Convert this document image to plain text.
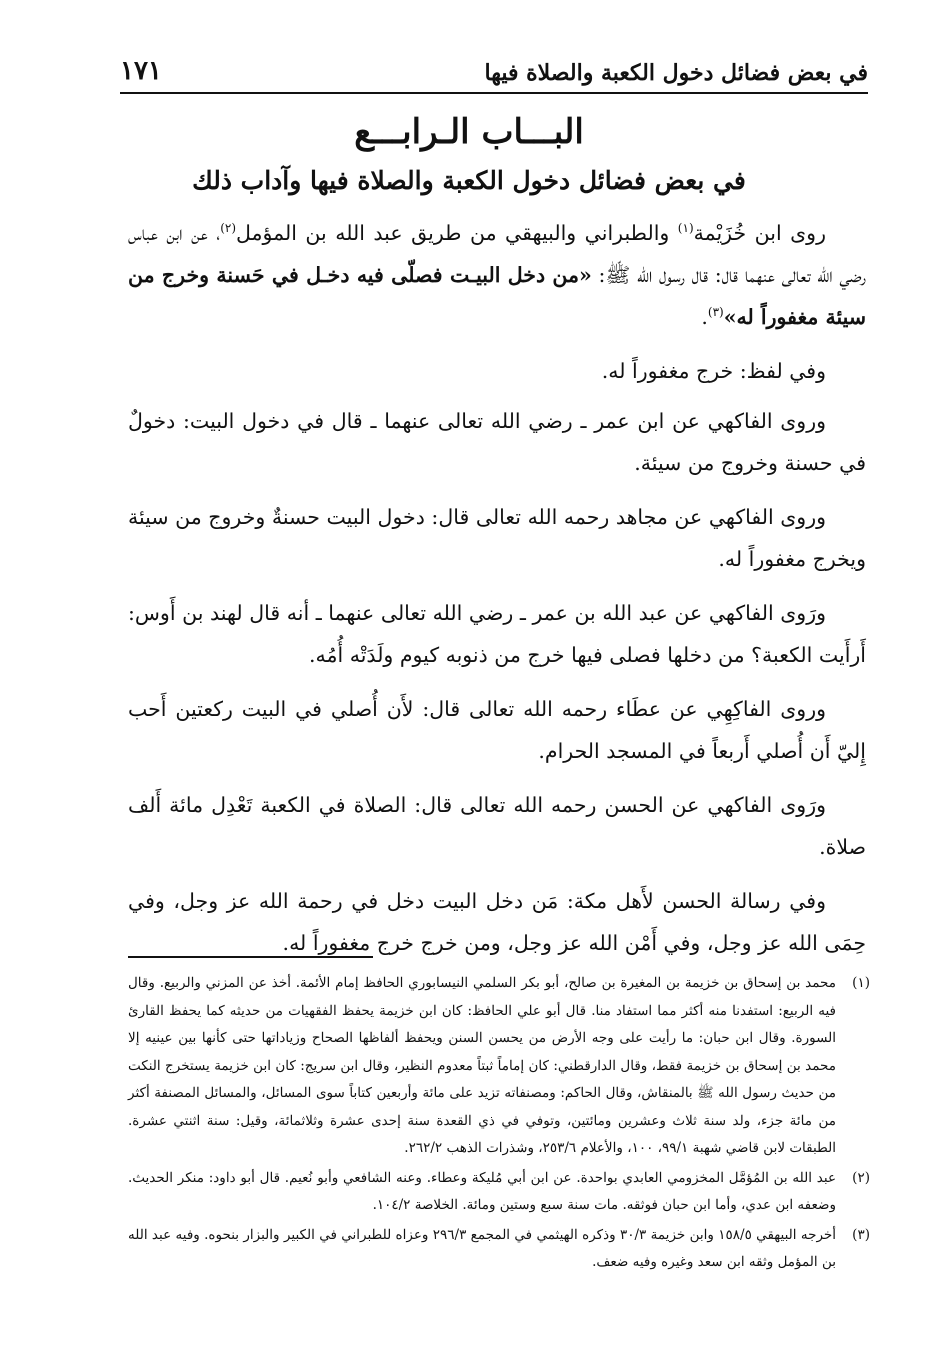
في بعض فضائل دخول الكعبة والصلاة فيها
١٧١
البـــاب الـرابـــع
في بعض فضائل دخول الكعبة والصلاة فيها وآداب ذلك

روى ابن خُزَيْمة$^{(١)}$ والطبراني والبيهقي من طريق عبد الله بن المؤمل$^{(٢)}$، عن ابن عباس رضي الله تعالى عنهما قال: قال رسول الله ﷺ: «من دخل البيـت فصلّى فيه دخـل في حَسنة وخرج من سيئة مغفوراً له»$^{(٣)}$.

وفي لفظ: خرج مغفوراً له.

وروى الفاكهي عن ابن عمر ـ رضي الله تعالى عنهما ـ قال في دخول البيت: دخولٌ في حسنة وخروج من سيئة.

وروى الفاكهي عن مجاهد رحمه الله تعالى قال: دخول البيت حسنةٌ وخروج من سيئة ويخرج مغفوراً له.

ورَوى الفاكهي عن عبد الله بن عمر ـ رضي الله تعالى عنهما ـ أنه قال لهند بن أَوس: أَرأَيت الكعبة؟ من دخلها فصلى فيها خرج من ذنوبه كيوم ولَدَتْه أُمُه.

وروى الفاكِهِي عن عطَاء رحمه الله تعالى قال: لأَن أُصلي في البيت ركعتين أَحب إِليّ أَن أُصلي أَربعاً في المسجد الحرام.

ورَوى الفاكهي عن الحسن رحمه الله تعالى قال: الصلاة في الكعبة تَعْدِل مائة أَلف صلاة.

وفي رسالة الحسن لأَهل مكة: مَن دخل البيت دخل في رحمة الله عز وجل، وفي حِمَى الله عز وجل، وفي أَمْن الله عز وجل، ومن خرج خرج مغفوراً له.

(١)
محمد بن إسحاق بن خزيمة بن المغيرة بن صالح، أبو بكر السلمي النيسابوري الحافظ إمام الأئمة. أخذ عن المزني والربيع. وقال فيه الربيع: استفدنا منه أكثر مما استفاد منا. قال أبو علي الحافظ: كان ابن خزيمة يحفظ الفقهيات من حديثه كما يحفظ القارئ السورة. وقال ابن حبان: ما رأيت على وجه الأرض من يحسن السنن ويحفظ ألفاظها الصحاح وزياداتها حتى كأنها بين عينيه إلا محمد بن إسحاق بن خزيمة فقط، وقال الدارقطني: كان إماماً ثبتاً معدوم النظير، وقال ابن سريج: كان ابن خزيمة يستخرج النكت من حديث رسول الله ﷺ بالمنقاش، وقال الحاكم: ومصنفاته تزيد على مائة وأربعين كتاباً سوى المسائل، والمسائل المصنفة أكثر من مائة جزء، ولد سنة ثلاث وعشرين ومائتين، وتوفي في ذي القعدة سنة إحدى عشرة وثلاثمائة، وقيل: سنة اثنتي عشرة. الطبقات لابن قاضي شهبة ٩٩/١، ١٠٠، والأعلام ٢٥٣/٦، وشذرات الذهب ٢٦٢/٢.

(٢)
عبد الله بن المُؤمَّل المخزومي العابدي بواحدة. عن ابن أبي مُليكة وعطاء. وعنه الشافعي وأبو نُعيم. قال أبو داود: منكر الحديث. وضعفه ابن عدي، وأما ابن حبان فوثقه. مات سنة سبع وستين ومائة. الخلاصة ١٠٤/٢.

(٣)
أخرجه البيهقي ١٥٨/٥ وابن خزيمة ٣٠/٣ وذكره الهيثمي في المجمع ٢٩٦/٣ وعزاه للطبراني في الكبير والبزار بنحوه. وفيه عبد الله بن المؤمل وثقه ابن سعد وغيره وفيه ضعف.
